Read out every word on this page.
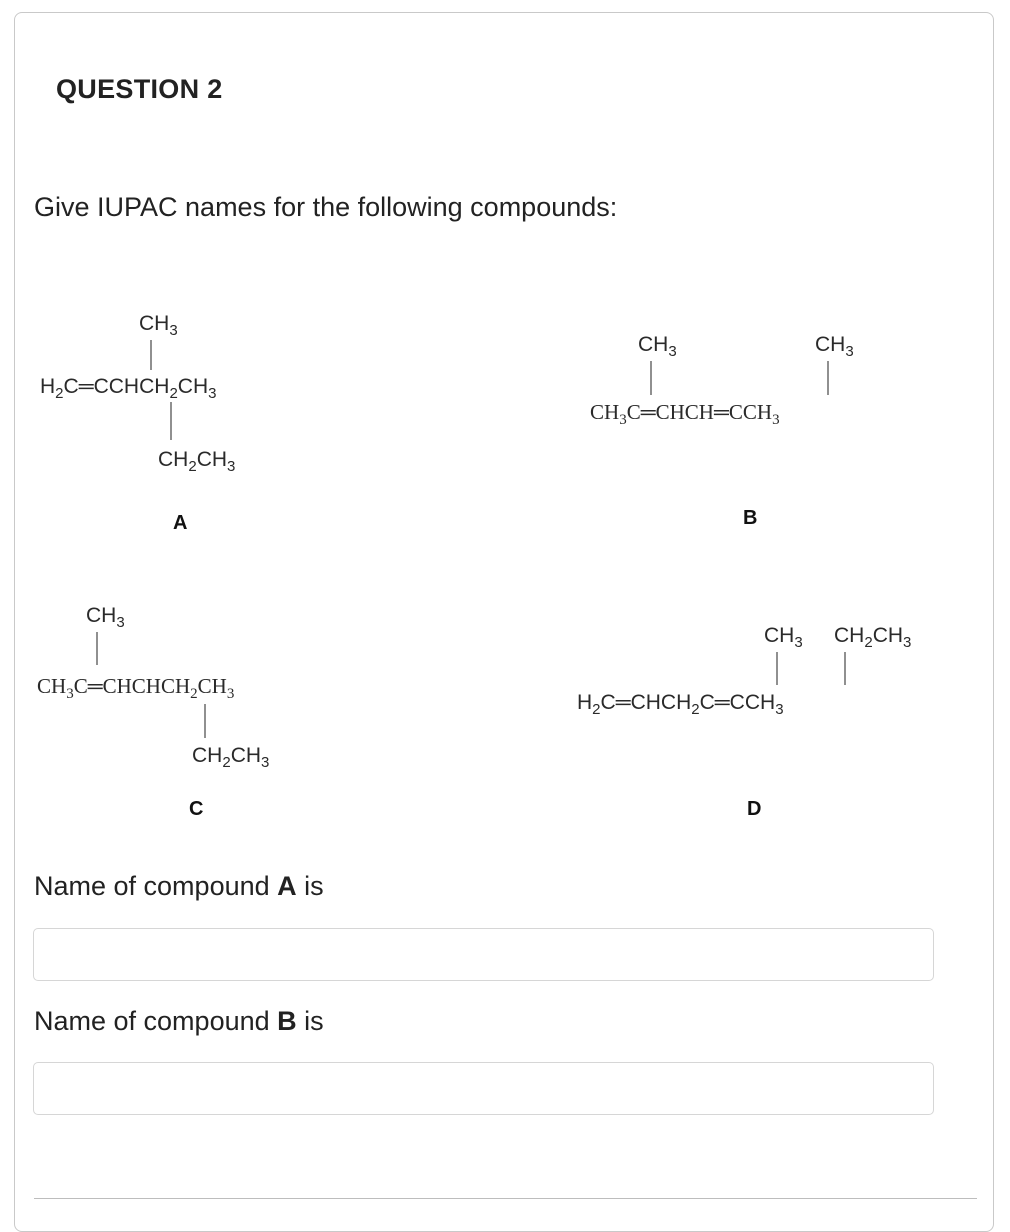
QUESTION 2

Give IUPAC names for the following compounds:

$CH_3$
$H_2C═CCHCH_2CH_3$
$CH_2CH_3$
A
$CH_3$	$CH_3$
$CH_3C═CHCH═CCH_3$
B
$CH_3$
$CH_3C═CHCHCH_2CH_3$
$CH_2CH_3$
C
$CH_3$ $CH_2CH_3$
$H_2C═CHCH_2C═CCH_3$
D

Name of compound A is

Name of compound B is
